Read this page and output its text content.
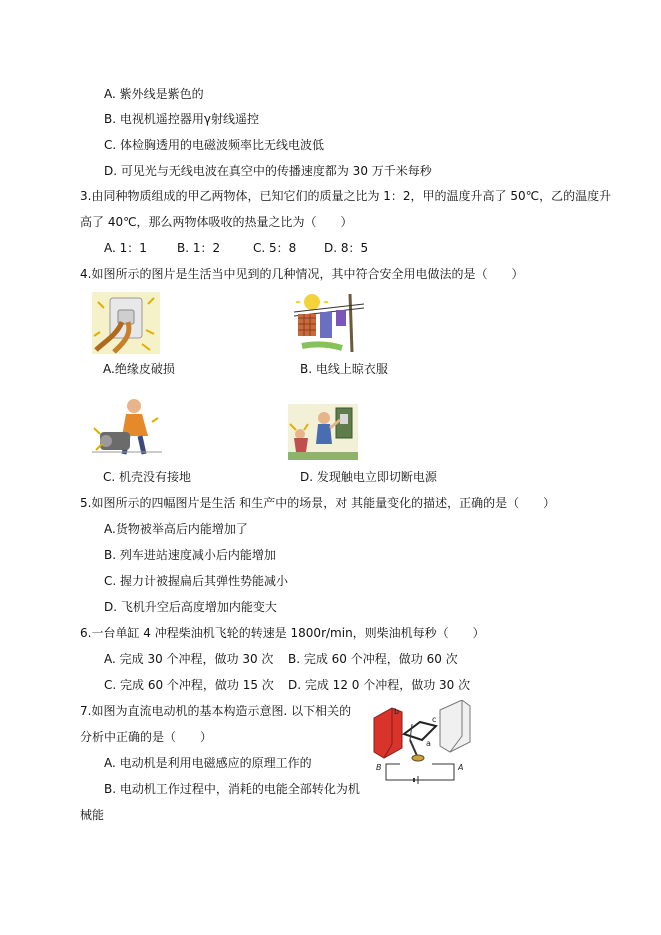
A. 紫外线是紫色的
B. 电视机遥控器用γ射线遥控
C. 体检胸透用的电磁波频率比无线电波低
D. 可见光与无线电波在真空中的传播速度都为 30 万千米每秒
3.由同种物质组成的甲乙两物体，已知它们的质量之比为 1：2，甲的温度升高了 50℃，乙的温度升
高了 40℃，那么两物体吸收的热量之比为（　　）
A. 1：1	B. 1：2	C. 5：8 D. 8：5
4.如图所示的图片是生活当中见到的几种情况，其中符合安全用电做法的是（　　）
A.绝缘皮破损	B. 电线上晾衣服
C. 机壳没有接地	D. 发现触电立即切断电源
5.如图所示的四幅图片是生活 和生产中的场景，对 其能量变化的描述，正确的是（　　）
A.货物被举高后内能增加了
B. 列车进站速度减小后内能增加
C. 握力计被握扁后其弹性势能减小
D. 飞机升空后高度增加内能变大
6.一台单缸 4 冲程柴油机飞轮的转速是 1800r/min，则柴油机每秒（　　）
A. 完成 30 个冲程，做功 30 次 B. 完成 60 个冲程，做功 60 次
C. 完成 60 个冲程，做功 15 次 D. 完成 12 0 个冲程，做功 30 次
7.如图为直流电动机的基本构造示意图. 以下相关的
分析中正确的是（　　）
A. 电动机是利用电磁感应的原理工作的
B. 电动机工作过程中，消耗的电能全部转化为机
械能
b
c
a
B	A
